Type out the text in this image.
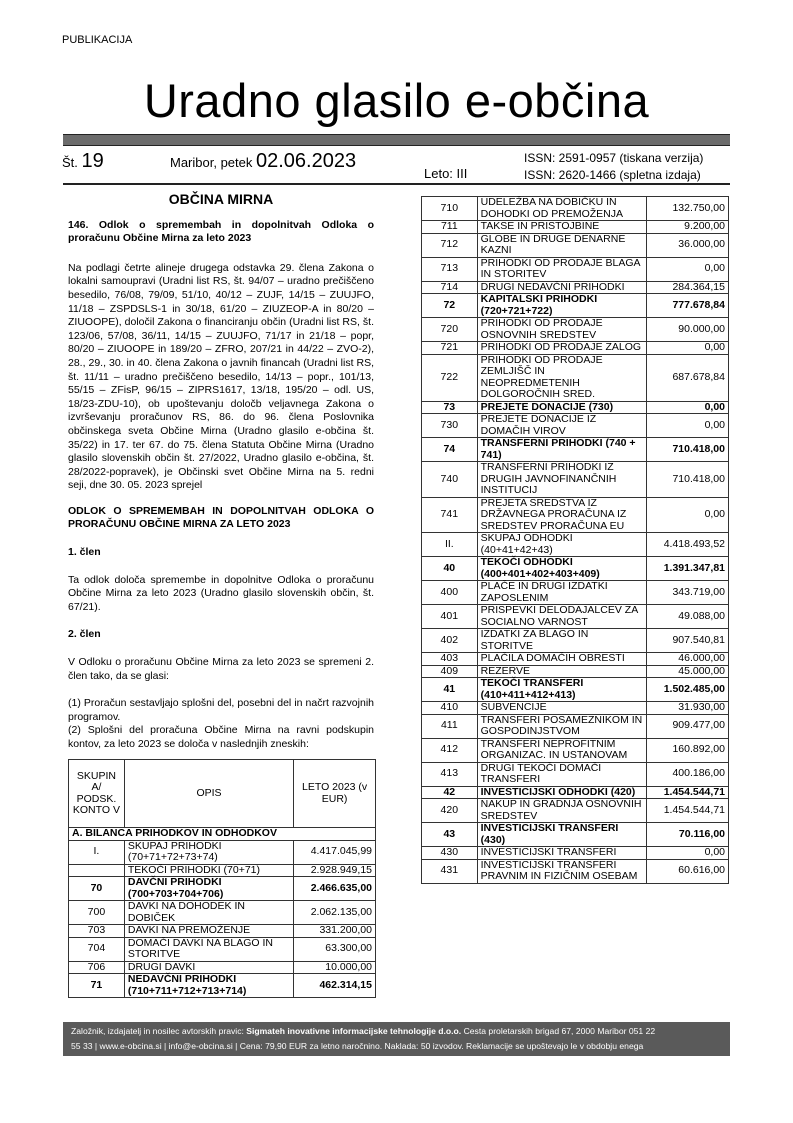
PUBLIKACIJA
Uradno glasilo e-občina
Št. 19	Maribor, petek 02.06.2023
Leto: III
ISSN: 2591-0957 (tiskana verzija)
ISSN: 2620-1466 (spletna izdaja)
OBČINA MIRNA

146. Odlok o spremembah in dopolnitvah Odloka o proračunu Občine Mirna za leto 2023

Na podlagi četrte alineje drugega odstavka 29. člena Zakona o lokalni samoupravi (Uradni list RS, št. 94/07 – uradno prečiščeno besedilo, 76/08, 79/09, 51/10, 40/12 – ZUJF, 14/15 – ZUUJFO, 11/18 – ZSPDSLS-1 in 30/18, 61/20 – ZIUZEOP-A in 80/20 – ZIUOOPE), določil Zakona o financiranju občin (Uradni list RS, št. 123/06, 57/08, 36/11, 14/15 – ZUUJFO, 71/17 in 21/18 – popr, 80/20 – ZIUOOPE in 189/20 – ZFRO, 207/21 in 44/22 – ZVO-2), 28., 29., 30. in 40. člena Zakona o javnih financah (Uradni list RS, št. 11/11 – uradno prečiščeno besedilo, 14/13 – popr., 101/13, 55/15 – ZFisP, 96/15 – ZIPRS1617, 13/18, 195/20 – odl. US, 18/23-ZDU-10), ob upoštevanju določb veljavnega Zakona o izvrševanju proračunov RS, 86. do 96. člena Poslovnika občinskega sveta Občine Mirna (Uradno glasilo e-občina št. 35/22) in 17. ter 67. do 75. člena Statuta Občine Mirna (Uradno glasilo slovenskih občin št. 27/2022, Uradno glasilo e-občina, št. 28/2022-popravek), je Občinski svet Občine Mirna na 5. redni seji, dne 30. 05. 2023 sprejel

ODLOK O SPREMEMBAH IN DOPOLNITVAH ODLOKA O PRORAČUNU OBČINE MIRNA ZA LETO 2023

1. člen

Ta odlok določa spremembe in dopolnitve Odloka o proračunu Občine Mirna za leto 2023 (Uradno glasilo slovenskih občin, št. 67/21).

2. člen

V Odloku o proračunu Občine Mirna za leto 2023 se spremeni 2. člen tako, da se glasi:

(1) Proračun sestavljajo splošni del, posebni del in načrt razvojnih programov.

(2) Splošni del proračuna Občine Mirna na ravni podskupin kontov, za leto 2023 se določa v naslednjih zneskih:

SKUPIN A/ PODSK. KONTO V	OPIS	LETO 2023 (v EUR)
A. BILANCA PRIHODKOV IN ODHODKOV		
I.	SKUPAJ PRIHODKI (70+71+72+73+74)	4.417.045,99
	TEKOČI PRIHODKI (70+71)	2.928.949,15
70	DAVČNI PRIHODKI (700+703+704+706)	2.466.635,00
700	DAVKI NA DOHODEK IN DOBIČEK	2.062.135,00
703	DAVKI NA PREMOŽENJE	331.200,00
704	DOMAČI DAVKI NA BLAGO IN STORITVE	63.300,00
706	DRUGI DAVKI	10.000,00
71	NEDAVČNI PRIHODKI (710+711+712+713+714)	462.314,15
710	UDELEŽBA NA DOBIČKU IN DOHODKI OD PREMOŽENJA	132.750,00
711	TAKSE IN PRISTOJBINE	9.200,00
712	GLOBE IN DRUGE DENARNE KAZNI	36.000,00
713	PRIHODKI OD PRODAJE BLAGA IN STORITEV	0,00
714	DRUGI NEDAVČNI PRIHODKI	284.364,15
72	KAPITALSKI PRIHODKI (720+721+722)	777.678,84
720	PRIHODKI OD PRODAJE OSNOVNIH SREDSTEV	90.000,00
721	PRIHODKI OD PRODAJE ZALOG	0,00
722	PRIHODKI OD PRODAJE ZEMLJIŠČ IN NEOPREDMETENIH DOLGOROČNIH SRED.	687.678,84
73	PREJETE DONACIJE (730)	0,00
730	PREJETE DONACIJE IZ DOMAČIH VIROV	0,00
74	TRANSFERNI PRIHODKI (740 + 741)	710.418,00
740	TRANSFERNI PRIHODKI IZ DRUGIH JAVNOFINANČNIH INSTITUCIJ	710.418,00
741	PREJETA SREDSTVA IZ DRŽAVNEGA PRORAČUNA IZ SREDSTEV PRORAČUNA EU	0,00
II.	SKUPAJ ODHODKI (40+41+42+43)	4.418.493,52
40	TEKOČI ODHODKI (400+401+402+403+409)	1.391.347,81
400	PLAČE IN DRUGI IZDATKI ZAPOSLENIM	343.719,00
401	PRISPEVKI DELODAJALCEV ZA SOCIALNO VARNOST	49.088,00
402	IZDATKI ZA BLAGO IN STORITVE	907.540,81
403	PLAČILA DOMAČIH OBRESTI	46.000,00
409	REZERVE	45.000,00
41	TEKOČI TRANSFERI (410+411+412+413)	1.502.485,00
410	SUBVENCIJE	31.930,00
411	TRANSFERI POSAMEZNIKOM IN GOSPODINJSTVOM	909.477,00
412	TRANSFERI NEPROFITNIM ORGANIZAC. IN USTANOVAM	160.892,00
413	DRUGI TEKOČI DOMAČI TRANSFERI	400.186,00
42	INVESTICIJSKI ODHODKI (420)	1.454.544,71
420	NAKUP IN GRADNJA OSNOVNIH SREDSTEV	1.454.544,71
43	INVESTICIJSKI TRANSFERI (430)	70.116,00
430	INVESTICIJSKI TRANSFERI	0,00
431	INVESTICIJSKI TRANSFERI PRAVNIM IN FIZIČNIM OSEBAM	60.616,00
Založnik, izdajatelj in nosilec avtorskih pravic: Sigmateh inovativne informacijske tehnologije d.o.o. Cesta proletarskih brigad 67, 2000 Maribor 051 22
55 33 | www.e-obcina.si | info@e-obcina.si | Cena: 79,90 EUR za letno naročnino. Naklada: 50 izvodov. Reklamacije se upoštevajo le v obdobju enega
